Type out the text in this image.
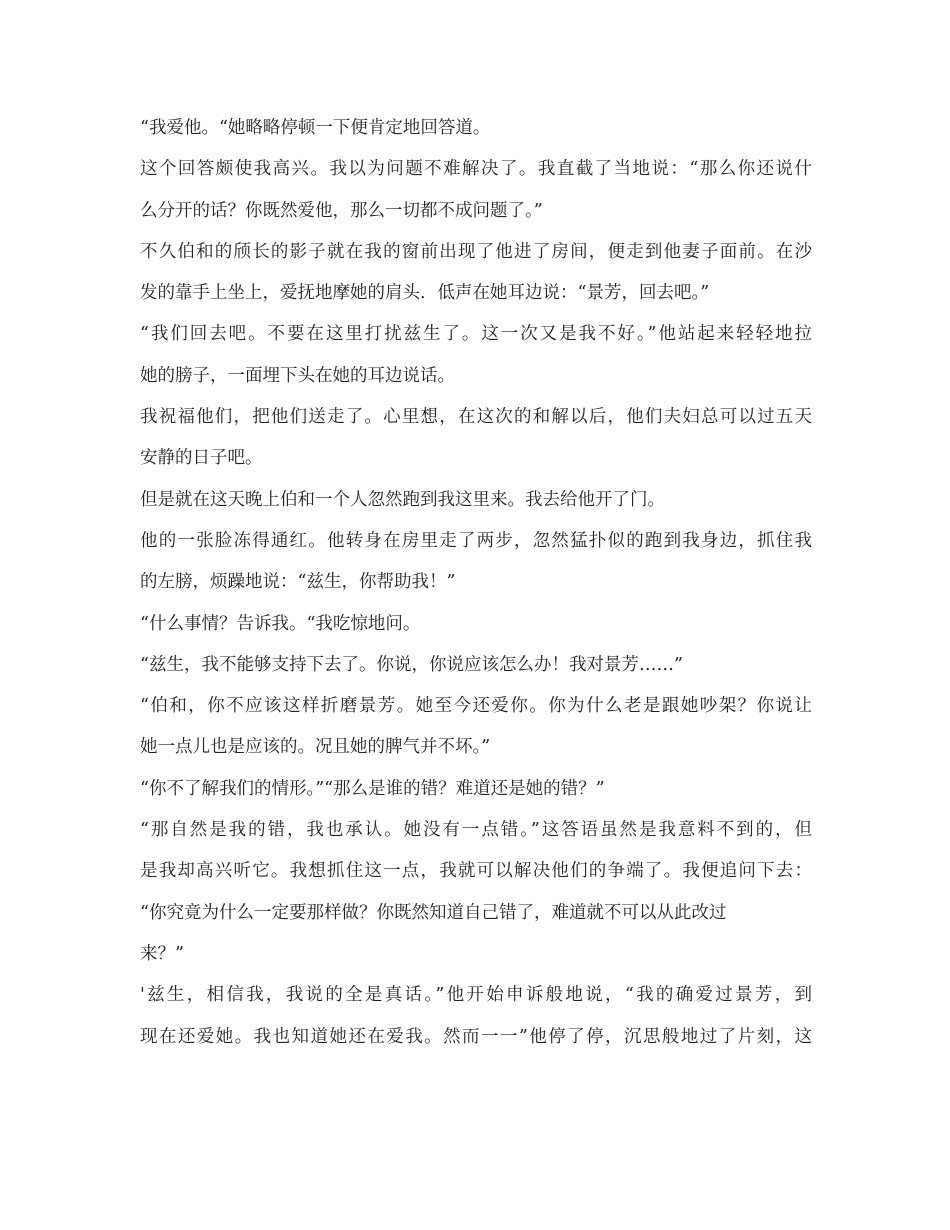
“我爱他。“她略略停顿一下便肯定地回答道。
这个回答颇使我高兴。我以为问题不难解决了。我直截了当地说：“那么你还说什
么分开的话？你既然爱他，那么一切都不成问题了。”
不久伯和的颀长的影子就在我的窗前出现了他进了房间，便走到他妻子面前。在沙
发的靠手上坐上，爱抚地摩她的肩头．低声在她耳边说：“景芳，回去吧。”
“我们回去吧。不要在这里打扰兹生了。这一次又是我不好。”他站起来轻轻地拉
她的膀子，一面埋下头在她的耳边说话。
我祝福他们，把他们送走了。心里想，在这次的和解以后，他们夫妇总可以过五天
安静的日子吧。
但是就在这天晚上伯和一个人忽然跑到我这里来。我去给他开了门。
他的一张脸冻得通红。他转身在房里走了两步，忽然猛扑似的跑到我身边，抓住我
的左膀，烦躁地说：“兹生，你帮助我！”
“什么事情？告诉我。“我吃惊地问。
“兹生，我不能够支持下去了。你说，你说应该怎么办！我对景芳……”
“伯和，你不应该这样折磨景芳。她至今还爱你。你为什么老是跟她吵架？你说让
她一点儿也是应该的。况且她的脾气并不坏。”
“你不了解我们的情形。”“那么是谁的错？难道还是她的错？”
“那自然是我的错，我也承认。她没有一点错。”这答语虽然是我意料不到的，但
是我却高兴听它。我想抓住这一点，我就可以解决他们的争端了。我便追问下去：
“你究竟为什么一定要那样做？你既然知道自己错了，难道就不可以从此改过
来？”
'兹生，相信我，我说的全是真话。”他开始申诉般地说，“我的确爱过景芳，到
现在还爱她。我也知道她还在爱我。然而一一”他停了停，沉思般地过了片刻，这
